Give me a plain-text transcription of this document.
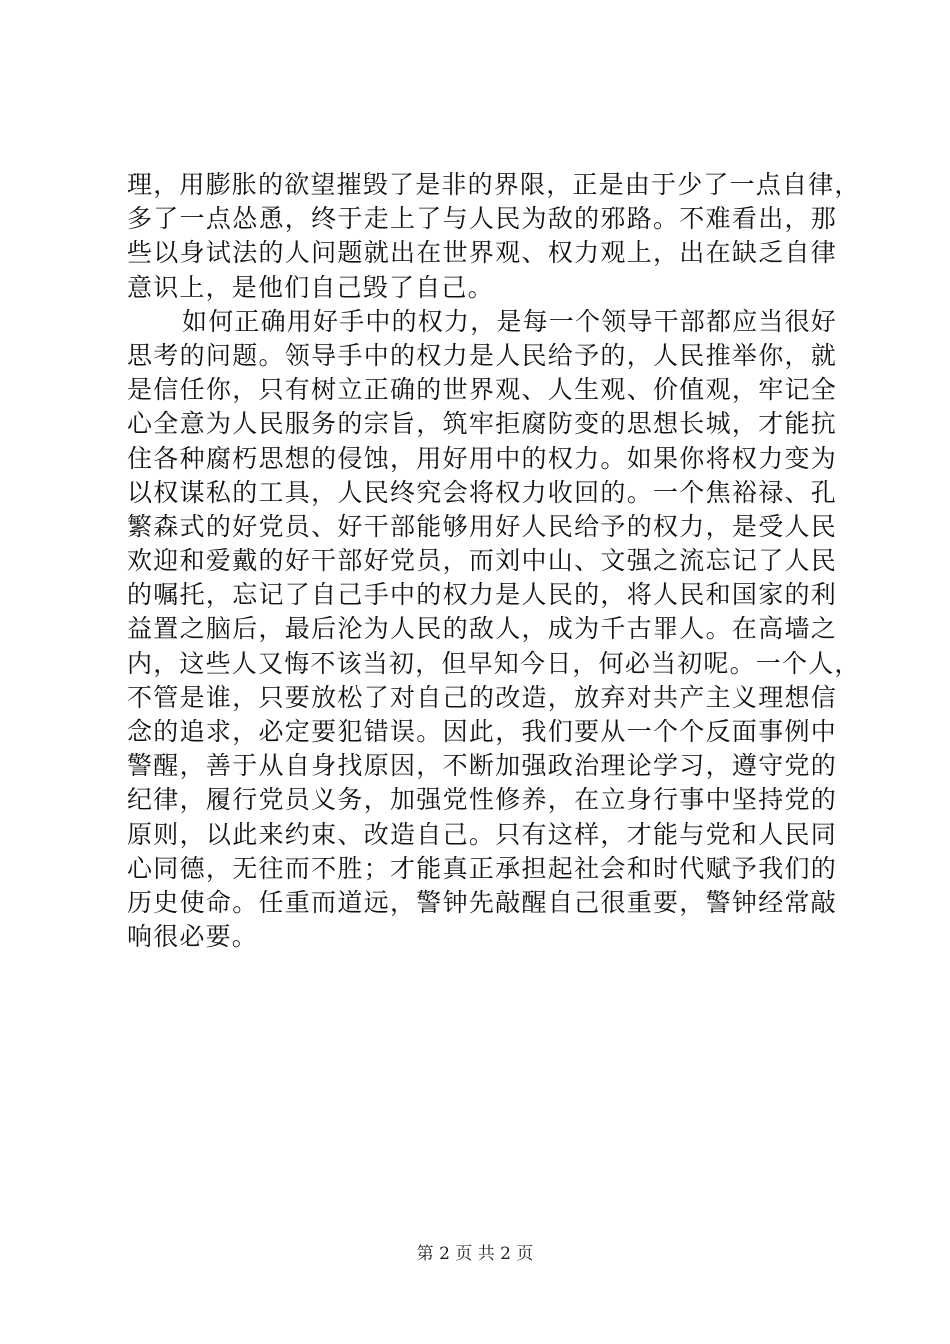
理，用膨胀的欲望摧毁了是非的界限，正是由于少了一点自律，
多了一点怂恿，终于走上了与人民为敌的邪路。不难看出，那
些以身试法的人问题就出在世界观、权力观上，出在缺乏自律
意识上，是他们自己毁了自己。
如何正确用好手中的权力，是每一个领导干部都应当很好
思考的问题。领导手中的权力是人民给予的，人民推举你，就
是信任你，只有树立正确的世界观、人生观、价值观，牢记全
心全意为人民服务的宗旨，筑牢拒腐防变的思想长城，才能抗
住各种腐朽思想的侵蚀，用好用中的权力。如果你将权力变为
以权谋私的工具，人民终究会将权力收回的。一个焦裕禄、孔
繁森式的好党员、好干部能够用好人民给予的权力，是受人民
欢迎和爱戴的好干部好党员，而刘中山、文强之流忘记了人民
的嘱托，忘记了自己手中的权力是人民的，将人民和国家的利
益置之脑后，最后沦为人民的敌人，成为千古罪人。在高墙之
内，这些人又悔不该当初，但早知今日，何必当初呢。一个人，
不管是谁，只要放松了对自己的改造，放弃对共产主义理想信
念的追求，必定要犯错误。因此，我们要从一个个反面事例中
警醒，善于从自身找原因，不断加强政治理论学习，遵守党的
纪律，履行党员义务，加强党性修养，在立身行事中坚持党的
原则，以此来约束、改造自己。只有这样，才能与党和人民同
心同德，无往而不胜；才能真正承担起社会和时代赋予我们的
历史使命。任重而道远，警钟先敲醒自己很重要，警钟经常敲
响很必要。
第 2 页 共 2 页
